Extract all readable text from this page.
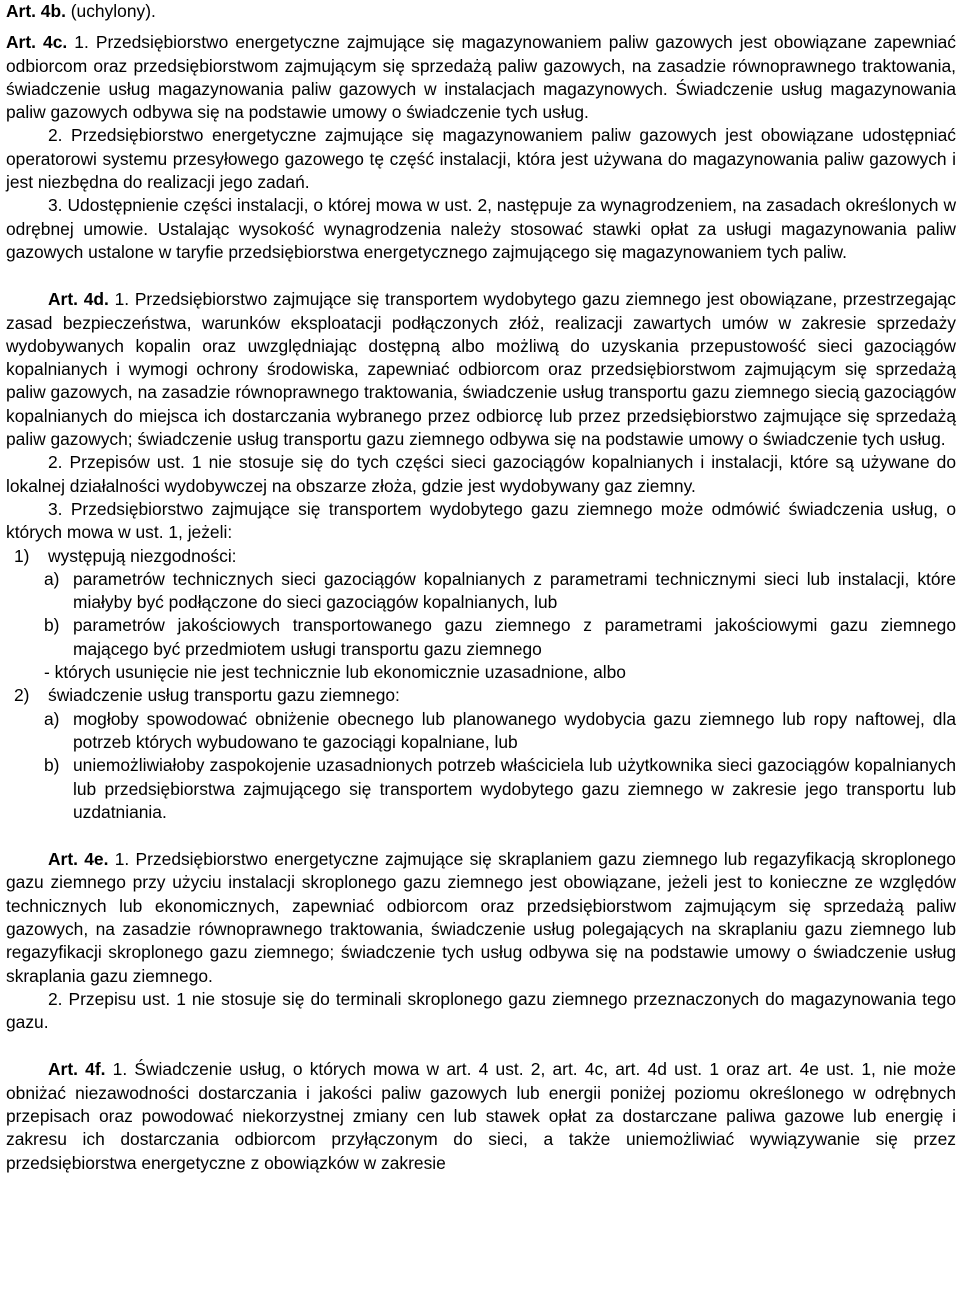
Art. 4b. (uchylony).

Art. 4c. 1. Przedsiębiorstwo energetyczne zajmujące się magazynowaniem paliw gazowych jest obowiązane zapewniać odbiorcom oraz przedsiębiorstwom zajmującym się sprzedażą paliw gazowych, na zasadzie równoprawnego traktowania, świadczenie usług magazynowania paliw gazowych w instalacjach magazynowych. Świadczenie usług magazynowania paliw gazowych odbywa się na podstawie umowy o świadczenie tych usług.

2. Przedsiębiorstwo energetyczne zajmujące się magazynowaniem paliw gazowych jest obowiązane udostępniać operatorowi systemu przesyłowego gazowego tę część instalacji, która jest używana do magazynowania paliw gazowych i jest niezbędna do realizacji jego zadań.

3. Udostępnienie części instalacji, o której mowa w ust. 2, następuje za wynagrodzeniem, na zasadach określonych w odrębnej umowie. Ustalając wysokość wynagrodzenia należy stosować stawki opłat za usługi magazynowania paliw gazowych ustalone w taryfie przedsiębiorstwa energetycznego zajmującego się magazynowaniem tych paliw.

Art. 4d. 1. Przedsiębiorstwo zajmujące się transportem wydobytego gazu ziemnego jest obowiązane, przestrzegając zasad bezpieczeństwa, warunków eksploatacji podłączonych złóż, realizacji zawartych umów w zakresie sprzedaży wydobywanych kopalin oraz uwzględniając dostępną albo możliwą do uzyskania przepustowość sieci gazociągów kopalnianych i wymogi ochrony środowiska, zapewniać odbiorcom oraz przedsiębiorstwom zajmującym się sprzedażą paliw gazowych, na zasadzie równoprawnego traktowania, świadczenie usług transportu gazu ziemnego siecią gazociągów kopalnianych do miejsca ich dostarczania wybranego przez odbiorcę lub przez przedsiębiorstwo zajmujące się sprzedażą paliw gazowych; świadczenie usług transportu gazu ziemnego odbywa się na podstawie umowy o świadczenie tych usług.

2. Przepisów ust. 1 nie stosuje się do tych części sieci gazociągów kopalnianych i instalacji, które są używane do lokalnej działalności wydobywczej na obszarze złoża, gdzie jest wydobywany gaz ziemny.

3. Przedsiębiorstwo zajmujące się transportem wydobytego gazu ziemnego może odmówić świadczenia usług, o których mowa w ust. 1, jeżeli:

1)	występują niezgodności:
a) parametrów technicznych sieci gazociągów kopalnianych z parametrami technicznymi sieci lub instalacji, które miałyby być podłączone do sieci gazociągów kopalnianych, lub
b) parametrów jakościowych transportowanego gazu ziemnego z parametrami jakościowymi gazu ziemnego mającego być przedmiotem usługi transportu gazu ziemnego

- których usunięcie nie jest technicznie lub ekonomicznie uzasadnione, albo

2)	świadczenie usług transportu gazu ziemnego:
a) mogłoby spowodować obniżenie obecnego lub planowanego wydobycia gazu ziemnego lub ropy naftowej, dla potrzeb których wybudowano te gazociągi kopalniane, lub
b) uniemożliwiałoby zaspokojenie uzasadnionych potrzeb właściciela lub użytkownika sieci gazociągów kopalnianych lub przedsiębiorstwa zajmującego się transportem wydobytego gazu ziemnego w zakresie jego transportu lub uzdatniania.

Art. 4e. 1. Przedsiębiorstwo energetyczne zajmujące się skraplaniem gazu ziemnego lub regazyfikacją skroplonego gazu ziemnego przy użyciu instalacji skroplonego gazu ziemnego jest obowiązane, jeżeli jest to konieczne ze względów technicznych lub ekonomicznych, zapewniać odbiorcom oraz przedsiębiorstwom zajmującym się sprzedażą paliw gazowych, na zasadzie równoprawnego traktowania, świadczenie usług polegających na skraplaniu gazu ziemnego lub regazyfikacji skroplonego gazu ziemnego; świadczenie tych usług odbywa się na podstawie umowy o świadczenie usług skraplania gazu ziemnego.

2. Przepisu ust. 1 nie stosuje się do terminali skroplonego gazu ziemnego przeznaczonych do magazynowania tego gazu.

Art. 4f. 1. Świadczenie usług, o których mowa w art. 4 ust. 2, art. 4c, art. 4d ust. 1 oraz art. 4e ust. 1, nie może obniżać niezawodności dostarczania i jakości paliw gazowych lub energii poniżej poziomu określonego w odrębnych przepisach oraz powodować niekorzystnej zmiany cen lub stawek opłat za dostarczane paliwa gazowe lub energię i zakresu ich dostarczania odbiorcom przyłączonym do sieci, a także uniemożliwiać wywiązywanie się przez przedsiębiorstwa energetyczne z obowiązków w zakresie
